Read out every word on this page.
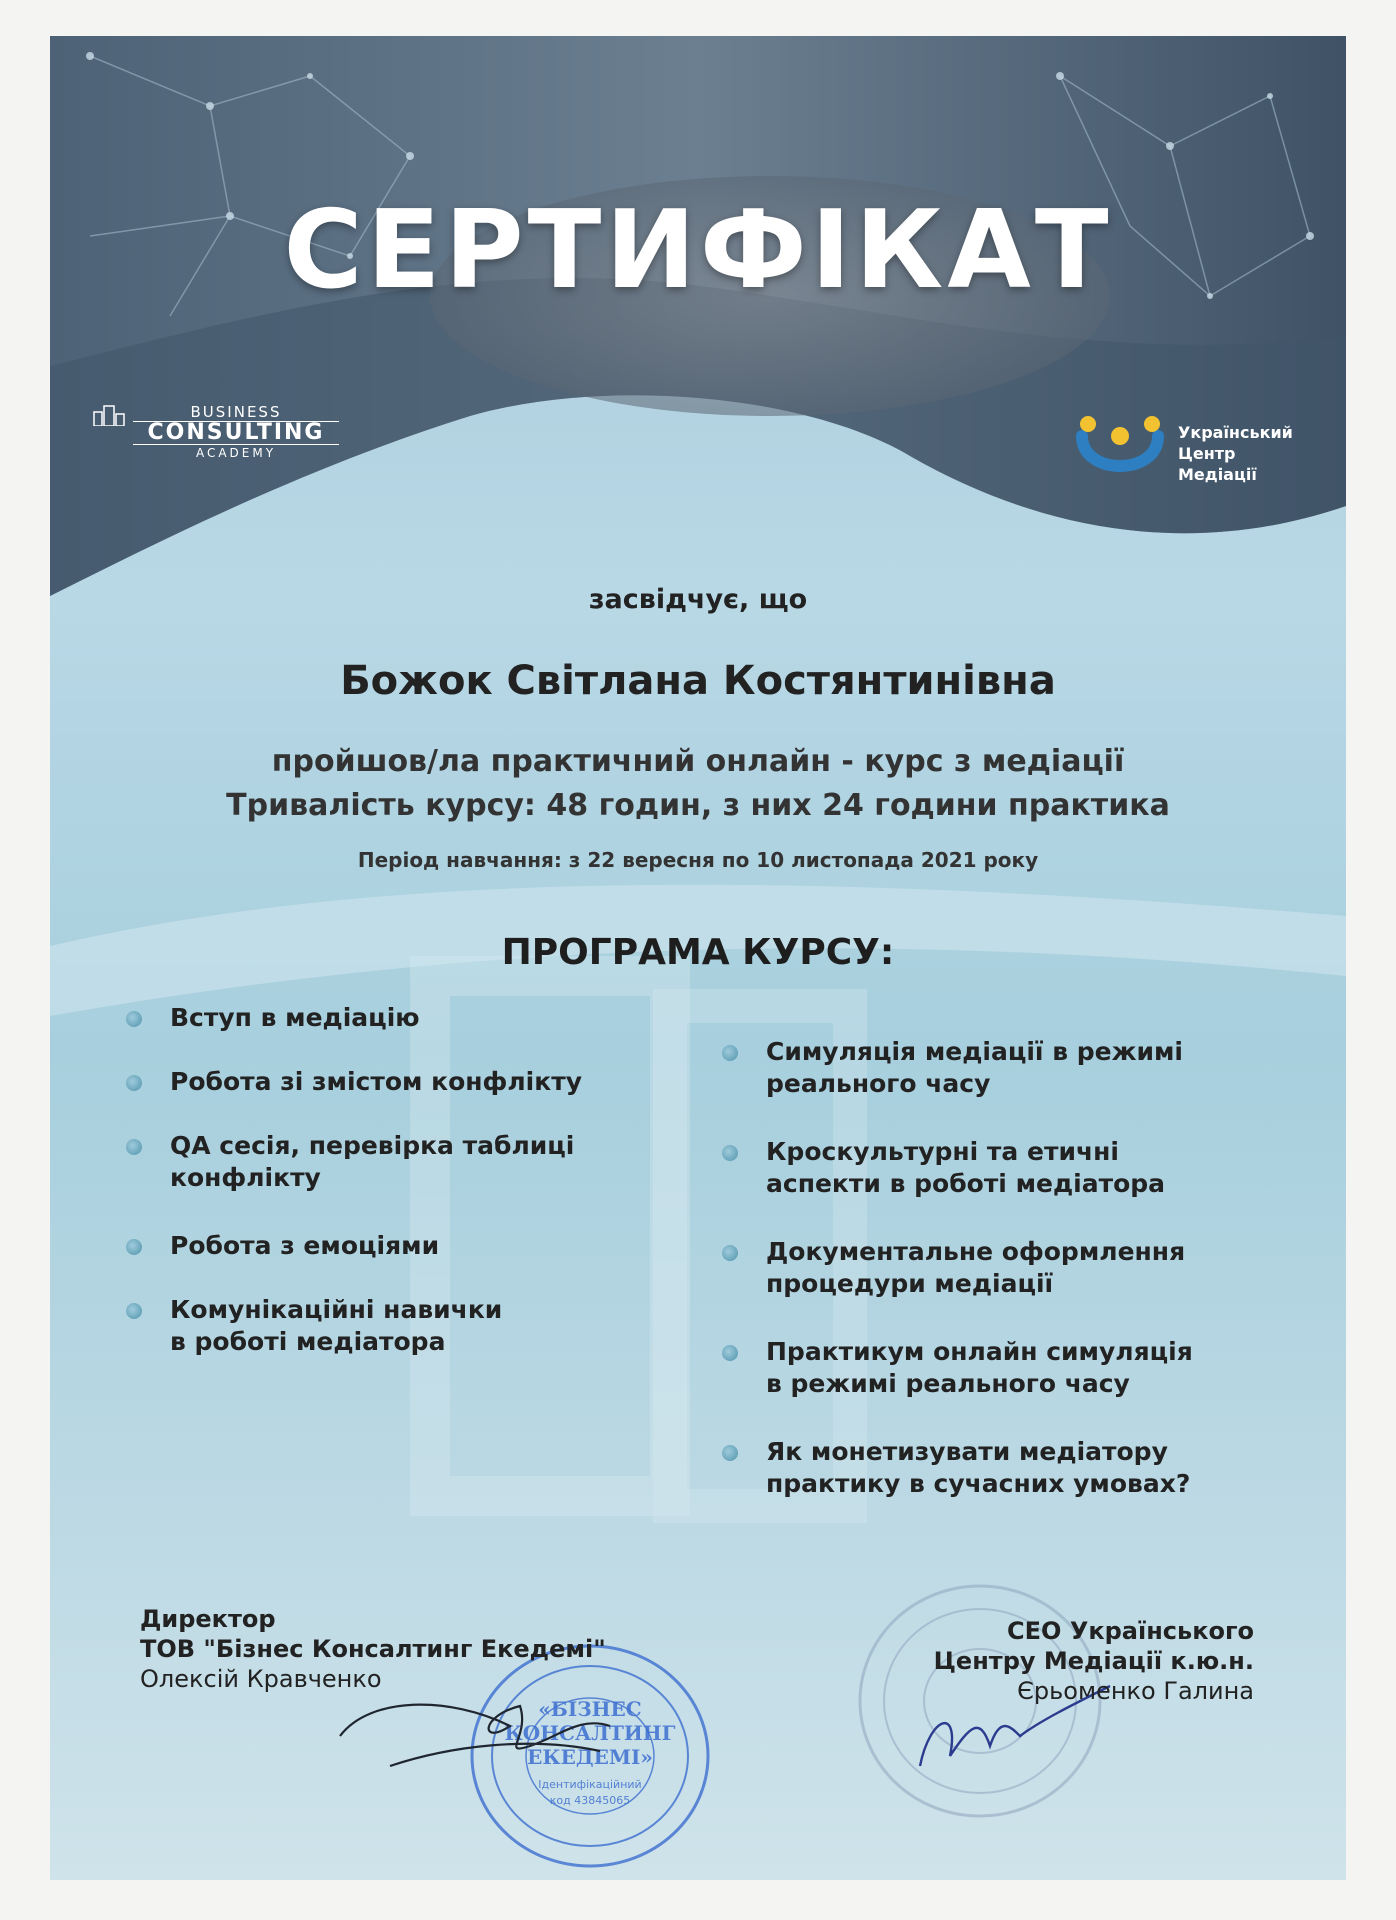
СЕРТИФІКАТ
BUSINESS
CONSULTING
ACADEMY
Український
Центр
Медіації
засвідчує, що
Божок Світлана Костянтинівна
пройшов/ла практичний онлайн - курс з медіації
Тривалість курсу: 48 годин, з них 24 години практика
Період навчання: з 22 вересня по 10 листопада 2021 року
ПРОГРАМА КУРСУ:
Вступ в медіацію
Робота зі змістом конфлікту
QA сесія, перевірка таблиці
конфлікту
Робота з емоціями
Комунікаційні навички
в роботі медіатора
Симуляція медіації в режимі
реального часу
Кроскультурні та етичні
аспекти в роботі медіатора
Документальне оформлення
процедури медіації
Практикум онлайн симуляція
в режимі реального часу
Як монетизувати медіатору
практику в сучасних умовах?
«БІЗНЕС
КОНСАЛТИНГ
ЕКЕДЕМІ»
Ідентифікаційний
код 43845065
Директор
ТОВ "Бізнес Консалтинг Екедемі"
Олексій Кравченко
CEO Українського
Центру Медіації к.ю.н.
Єрьоменко Галина
